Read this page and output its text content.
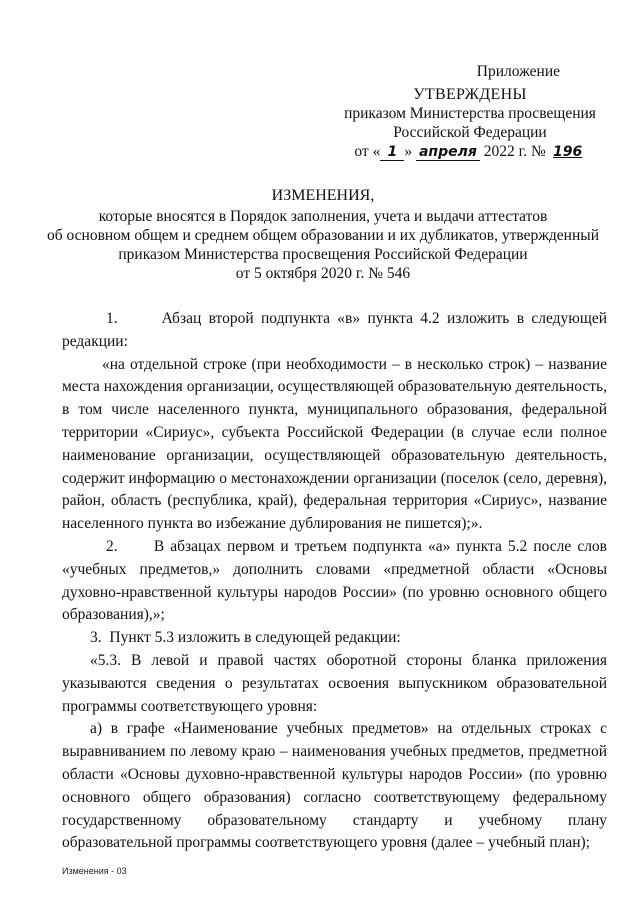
Приложение
УТВЕРЖДЕНЫ
приказом Министерства просвещения
Российской Федерации
от « 1 » апреля 2022 г. № 196
ИЗМЕНЕНИЯ,
которые вносятся в Порядок заполнения, учета и выдачи аттестатов
об основном общем и среднем общем образовании и их дубликатов, утвержденный
приказом Министерства просвещения Российской Федерации
от 5 октября 2020 г. № 546

1.      Абзац второй подпункта «в» пункта 4.2 изложить в следующей редакции:

«на отдельной строке (при необходимости – в несколько строк) – название места нахождения организации, осуществляющей образовательную деятельность, в том числе населенного пункта, муниципального образования, федеральной территории «Сириус», субъекта Российской Федерации (в случае если полное наименование организации, осуществляющей образовательную деятельность, содержит информацию о местонахождении организации (поселок (село, деревня), район, область (республика, край), федеральная территория «Сириус», название населенного пункта во избежание дублирования не пишется);».

2.      В абзацах первом и третьем подпункта «а» пункта 5.2 после слов «учебных предметов,» дополнить словами «предметной области «Основы духовно-нравственной культуры народов России» (по уровню основного общего образования),»;

3.  Пункт 5.3 изложить в следующей редакции:

«5.3. В левой и правой частях оборотной стороны бланка приложения указываются сведения о результатах освоения выпускником образовательной программы соответствующего уровня:

а) в графе «Наименование учебных предметов» на отдельных строках с выравниванием по левому краю – наименования учебных предметов, предметной области «Основы духовно-нравственной культуры народов России» (по уровню основного общего образования) согласно соответствующему федеральному государственному образовательному стандарту и учебному плану образовательной программы соответствующего уровня (далее – учебный план);

Изменения - 03
